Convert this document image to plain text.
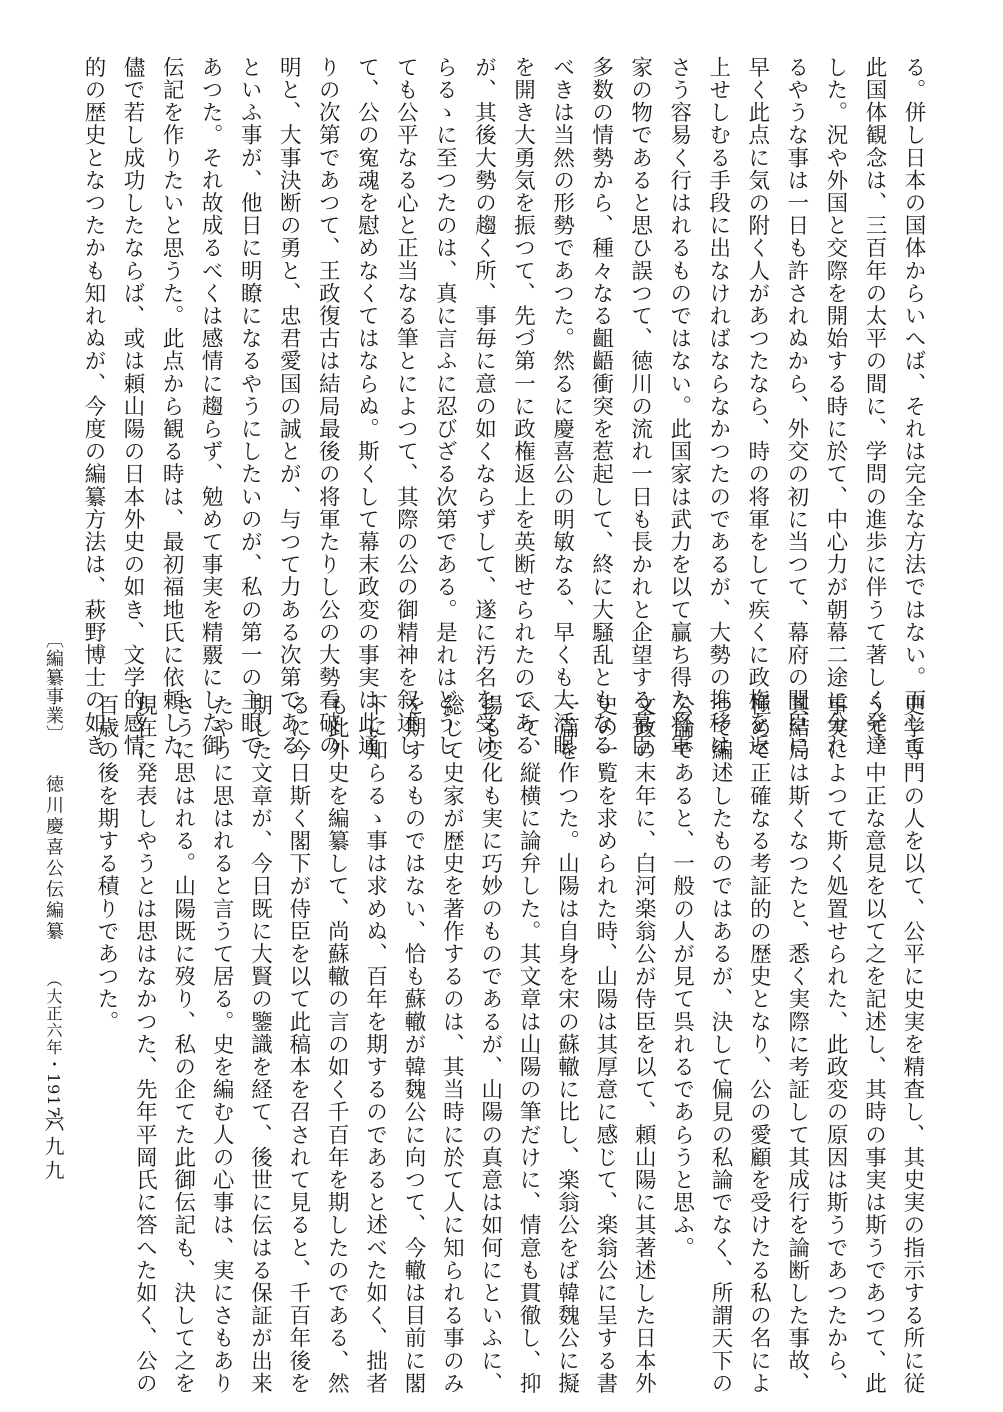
る。併し日本の国体からいへば、それは完全な方法ではない。而して
此国体観念は、三百年の太平の間に、学問の進歩に伴うて著しく発達
した。況や外国と交際を開始する時に於て、中心力が朝幕二途に分れ
るやうな事は一日も許されぬから、外交の初に当つて、幕府の閣臣に
早く此点に気の附く人があつたなら、時の将軍をして疾くに政権を返
上せしむる手段に出なければならなかつたのであるが、大勢の推移は
さう容易く行はれるものではない。此国家は武力を以て贏ち得た将軍
家の物であると思ひ誤つて、徳川の流れ一日も長かれと企望する幕臣
多数の情勢から、種々なる齟齬衝突を惹起して、終に大騒乱ともなる
べきは当然の形勢であつた。然るに慶喜公の明敏なる、早くも大活眼
を開き大勇気を振つて、先づ第一に政権返上を英断せられたのである
が、其後大勢の趨く所、事毎に意の如くならずして、遂に汚名を受け
らるゝに至つたのは、真に言ふに忍びざる次第である。是れはどうし
ても公平なる心と正当なる筆とによつて、其際の公の御精神を叙述し
て、公の寃魂を慰めなくてはならぬ。斯くして幕末政変の事実は此通
りの次第であつて、王政復古は結局最後の将軍たりし公の大勢看破の
明と、大事決断の勇と、忠君愛国の誠とが、与つて力ある次第である
といふ事が、他日に明瞭になるやうにしたいのが、私の第一の主眼で
あつた。それ故成るべくは感情に趨らず、勉めて事実を精覈にした御
伝記を作りたいと思うた。此点から観る時は、最初福地氏に依頼した
儘で若し成功したならば、或は頼山陽の日本外史の如き、文学的感情
的の歴史となつたかも知れぬが、今度の編纂方法は、萩野博士の如き
史学専門の人を以て、公平に史実を精査し、其史実の指示する所に従
うて、中正な意見を以て之を記述し、其時の事実は斯うであつて、此
事実によつて斯く処置せられた、此政変の原因は斯うであつたから、
其結局は斯くなつたと、悉く実際に考証して其成行を論断した事故、
極めて正確なる考証的の歴史となり、公の愛顧を受けたる私の名によ
つて編述したものではあるが、決して偏見の私論でなく、所謂天下の
公論であると、一般の人が見て呉れるであらうと思ふ。
文政の末年に、白河楽翁公が侍臣を以て、頼山陽に其著述した日本外
史の一覧を求められた時、山陽は其厚意に感じて、楽翁公に呈する書
一篇を作つた。山陽は自身を宋の蘇轍に比し、楽翁公をば韓魏公に擬
へて、縦横に論弁した。其文章は山陽の筆だけに、情意も貫徹し、抑
揚も変化も実に巧妙のものであるが、山陽の真意は如何にといふに、
総じて史家が歴史を著作するのは、其当時に於て人に知られる事のみ
を期するものではない、恰も蘇轍が韓魏公に向つて、今轍は目前に閣
下に知らるゝ事は求めぬ、百年を期するのであると述べた如く、拙者
も此外史を編纂して、尚蘇轍の言の如く千百年を期したのである、然
るに今日斯く閣下が侍臣を以て此稿本を召されて見ると、千百年後を
期した文章が、今日既に大賢の鑒識を経て、後世に伝はる保証が出来
たやうに思はれると言うて居る。史を編む人の心事は、実にさもあり
さうに思はれる。山陽既に歿り、私の企てた此御伝記も、決して之を
現在に発表しやうとは思はなかつた、先年平岡氏に答へた如く、公の
百歳の後を期する積りであつた。
〔編纂事業〕 徳川慶喜公伝編纂 （大正六年・1917）
六九九
